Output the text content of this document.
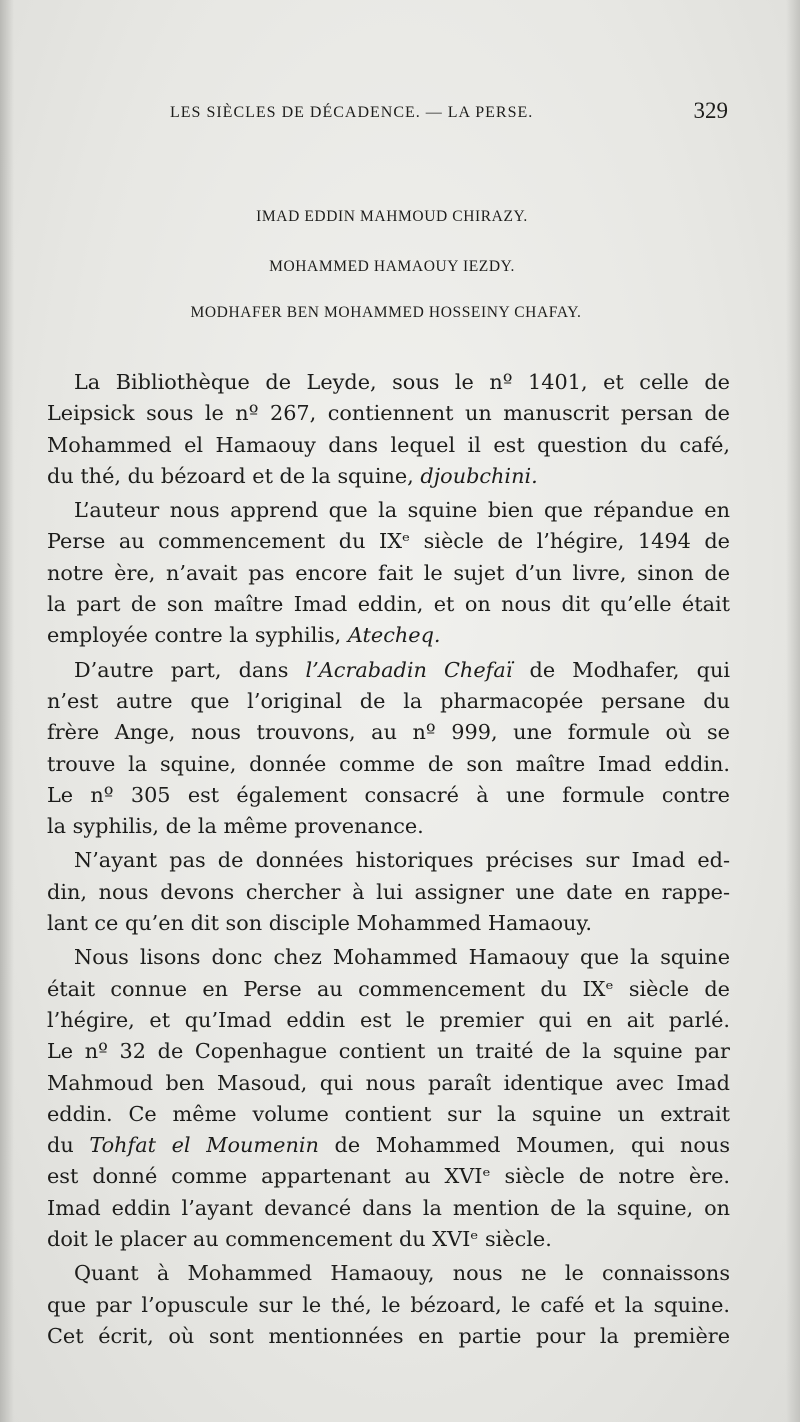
LES SIÈCLES DE DÉCADENCE. — LA PERSE.	329
IMAD EDDIN MAHMOUD CHIRAZY.
MOHAMMED HAMAOUY IEZDY.
MODHAFER BEN MOHAMMED HOSSEINY CHAFAY.
La Bibliothèque de Leyde, sous le nº 1401, et celle de
Leipsick sous le nº 267, contiennent un manuscrit persan de
Mohammed el Hamaouy dans lequel il est question du café,
du thé, du bézoard et de la squine, djoubchini.
L’auteur nous apprend que la squine bien que répandue en
Perse au commencement du IXᵉ siècle de l’hégire, 1494 de
notre ère, n’avait pas encore fait le sujet d’un livre, sinon de
la part de son maître Imad eddin, et on nous dit qu’elle était
employée contre la syphilis, Atecheq.
D’autre part, dans l’Acrabadin Chefaï de Modhafer, qui
n’est autre que l’original de la pharmacopée persane du
frère Ange, nous trouvons, au nº 999, une formule où se
trouve la squine, donnée comme de son maître Imad eddin.
Le nº 305 est également consacré à une formule contre
la syphilis, de la même provenance.
N’ayant pas de données historiques précises sur Imad ed-
din, nous devons chercher à lui assigner une date en rappe-
lant ce qu’en dit son disciple Mohammed Hamaouy.
Nous lisons donc chez Mohammed Hamaouy que la squine
était connue en Perse au commencement du IXᵉ siècle de
l’hégire, et qu’Imad eddin est le premier qui en ait parlé.
Le nº 32 de Copenhague contient un traité de la squine par
Mahmoud ben Masoud, qui nous paraît identique avec Imad
eddin. Ce même volume contient sur la squine un extrait
du Tohfat el Moumenin de Mohammed Moumen, qui nous
est donné comme appartenant au XVIᵉ siècle de notre ère.
Imad eddin l’ayant devancé dans la mention de la squine, on
doit le placer au commencement du XVIᵉ siècle.
Quant à Mohammed Hamaouy, nous ne le connaissons
que par l’opuscule sur le thé, le bézoard, le café et la squine.
Cet écrit, où sont mentionnées en partie pour la première
